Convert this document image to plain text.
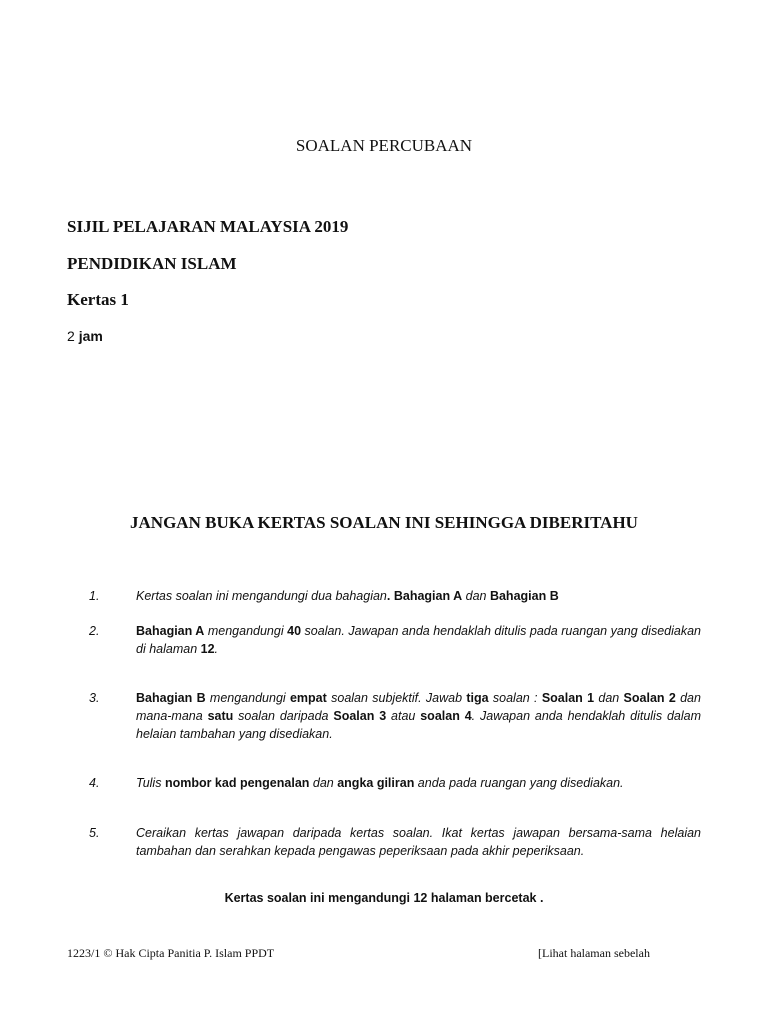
SOALAN PERCUBAAN
SIJIL PELAJARAN MALAYSIA 2019
PENDIDIKAN ISLAM
Kertas 1
2 jam
JANGAN BUKA KERTAS SOALAN INI SEHINGGA DIBERITAHU
1.	Kertas soalan ini mengandungi dua bahagian. Bahagian A dan Bahagian B
2.	Bahagian A mengandungi 40 soalan. Jawapan anda hendaklah ditulis pada ruangan yang disediakan di halaman 12.
3.	Bahagian B mengandungi empat soalan subjektif. Jawab tiga soalan : Soalan 1 dan Soalan 2 dan mana-mana satu soalan daripada Soalan 3 atau soalan 4. Jawapan anda hendaklah ditulis dalam helaian tambahan yang disediakan.
4.	Tulis nombor kad pengenalan dan angka giliran anda pada ruangan yang disediakan.
5.	Ceraikan kertas jawapan daripada kertas soalan. Ikat kertas jawapan bersama-sama helaian tambahan dan serahkan kepada pengawas peperiksaan pada akhir peperiksaan.
Kertas soalan ini mengandungi 12 halaman bercetak .
1223/1 © Hak Cipta Panitia P. Islam PPDT	[Lihat halaman sebelah
